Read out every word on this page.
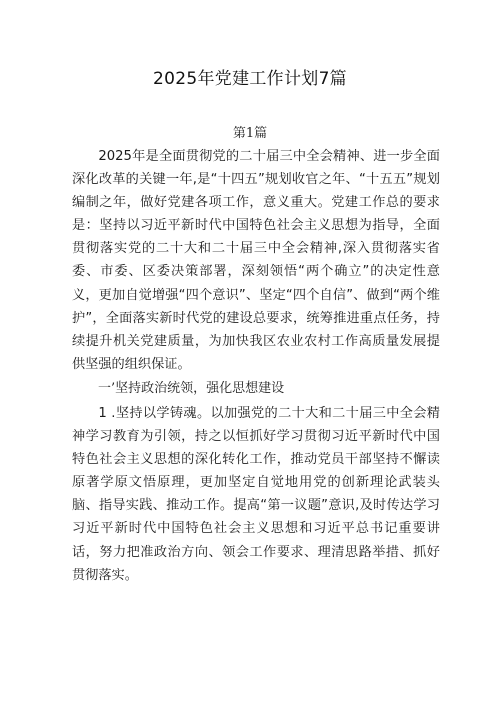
2025年党建工作计划7篇
第1篇

2025年是全面贯彻党的二十届三中全会精神、进一步全面深化改革的关键一年,是“十四五”规划收官之年、“十五五”规划编制之年，做好党建各项工作，意义重大。党建工作总的要求是：坚持以习近平新时代中国特色社会主义思想为指导，全面贯彻落实党的二十大和二十届三中全会精神,深入贯彻落实省委、市委、区委决策部署，深刻领悟“两个确立”的决定性意义，更加自觉增强“四个意识”、坚定“四个自信”、做到“两个维护”，全面落实新时代党的建设总要求，统筹推进重点任务，持续提升机关党建质量，为加快我区农业农村工作高质量发展提供坚强的组织保证。

一’坚持政治统领，强化思想建设

1 .坚持以学铸魂。以加强党的二十大和二十届三中全会精神学习教育为引领，持之以恒抓好学习贯彻习近平新时代中国特色社会主义思想的深化转化工作，推动党员干部坚持不懈读原著学原文悟原理，更加坚定自觉地用党的创新理论武装头脑、指导实践、推动工作。提高“第一议题”意识,及时传达学习习近平新时代中国特色社会主义思想和习近平总书记重要讲话，努力把准政治方向、领会工作要求、理清思路举措、抓好贯彻落实。
